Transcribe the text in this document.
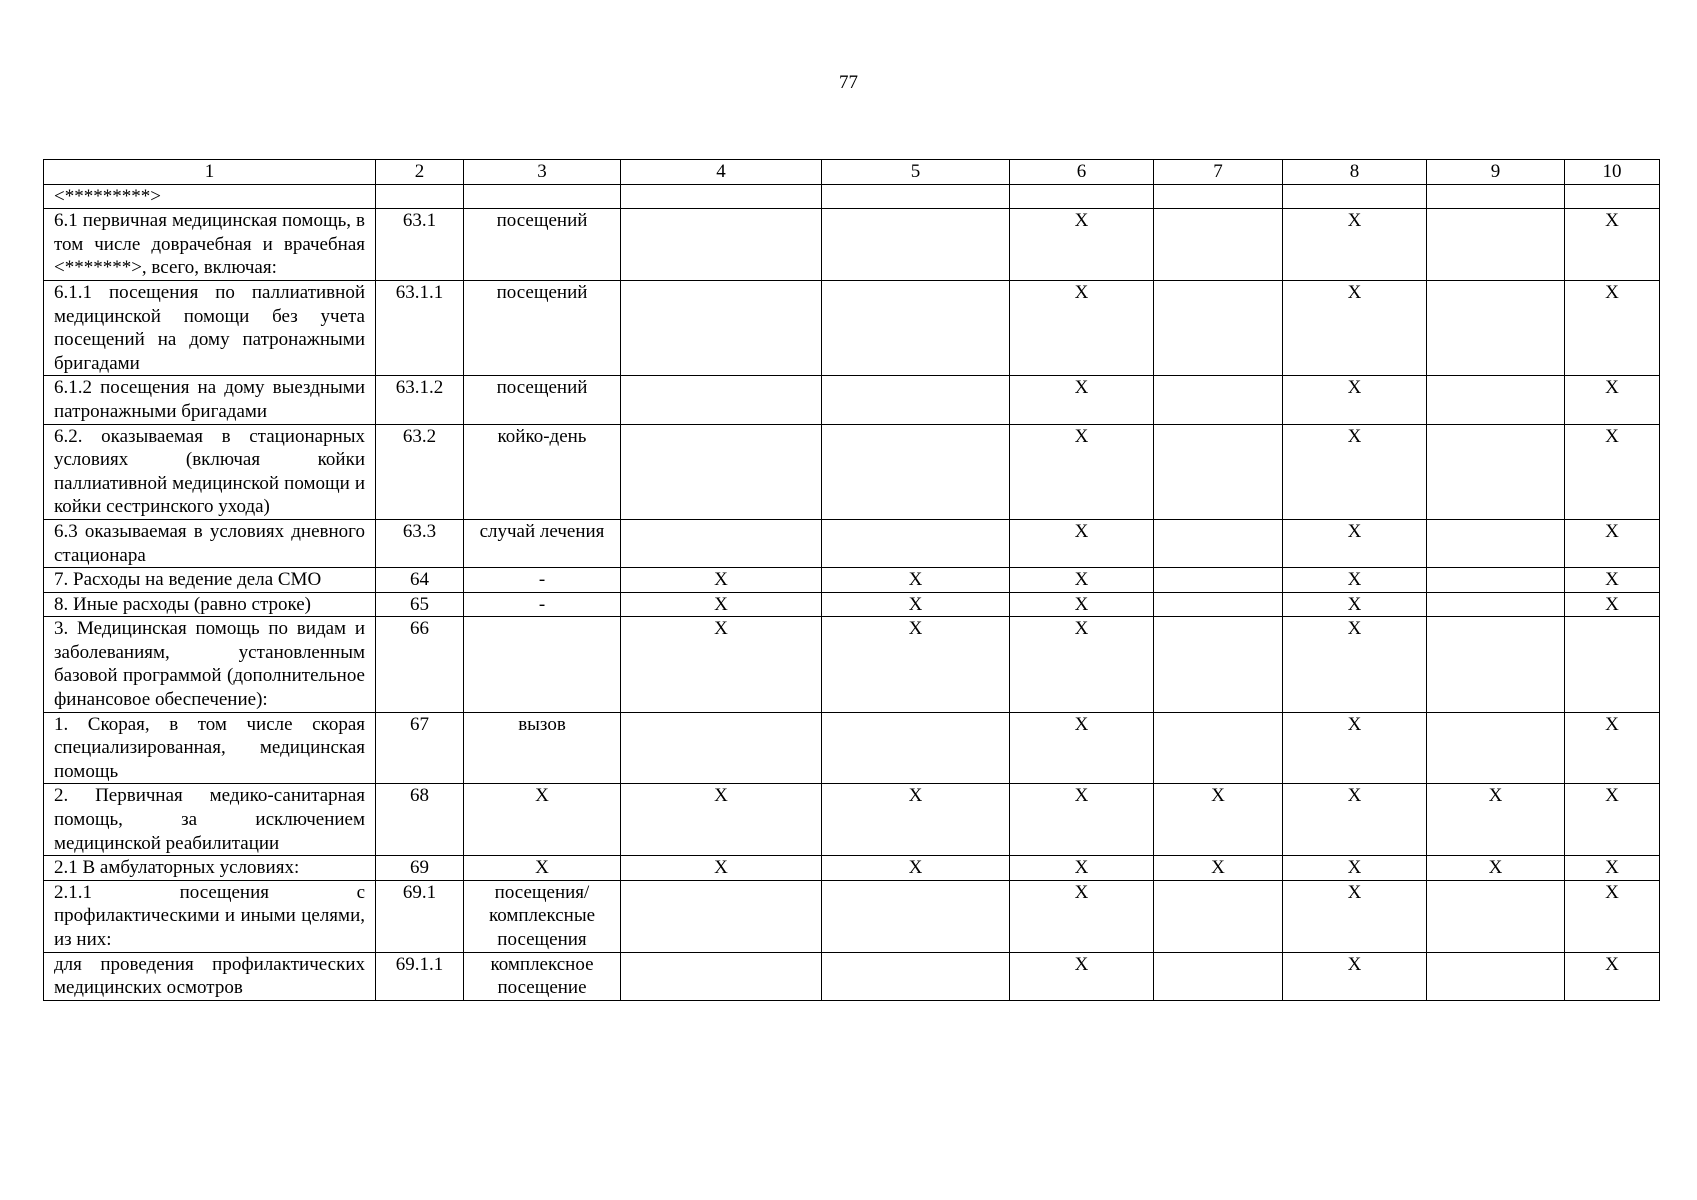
77
1	2	3	4	5	6	7	8	9	10
<*********>									
6.1 первичная медицинская помощь, в том числе доврачебная и врачебная <*******>, всего, включая:	63.1	посещений			X		X		X
6.1.1 посещения по паллиативной медицинской помощи без учета посещений на дому патронажными бригадами	63.1.1	посещений			X		X		X
6.1.2 посещения на дому выездными патронажными бригадами	63.1.2	посещений			X		X		X
6.2. оказываемая в стационарных условиях (включая койки паллиативной медицинской помощи и койки сестринского ухода)	63.2	койко-день			X		X		X
6.3 оказываемая в условиях дневного стационара	63.3	случай лечения			X		X		X
7. Расходы на ведение дела СМО	64	-	X	X	X		X		X
8. Иные расходы (равно строке)	65	-	X	X	X		X		X
3. Медицинская помощь по видам и заболеваниям, установленным базовой программой (дополнительное финансовое обеспечение):	66		X	X	X		X		
1. Скорая, в том числе скорая специализированная, медицинская помощь	67	вызов			X		X		X
2. Первичная медико-санитарная помощь, за исключением медицинской реабилитации	68	X	X	X	X	X	X	X	X
2.1 В амбулаторных условиях:	69	X	X	X	X	X	X	X	X
2.1.1 посещения с профилактическими и иными целями, из них:	69.1	посещения/ комплексные посещения			X		X		X
для проведения профилактических медицинских осмотров	69.1.1	комплексное посещение			X		X		X
